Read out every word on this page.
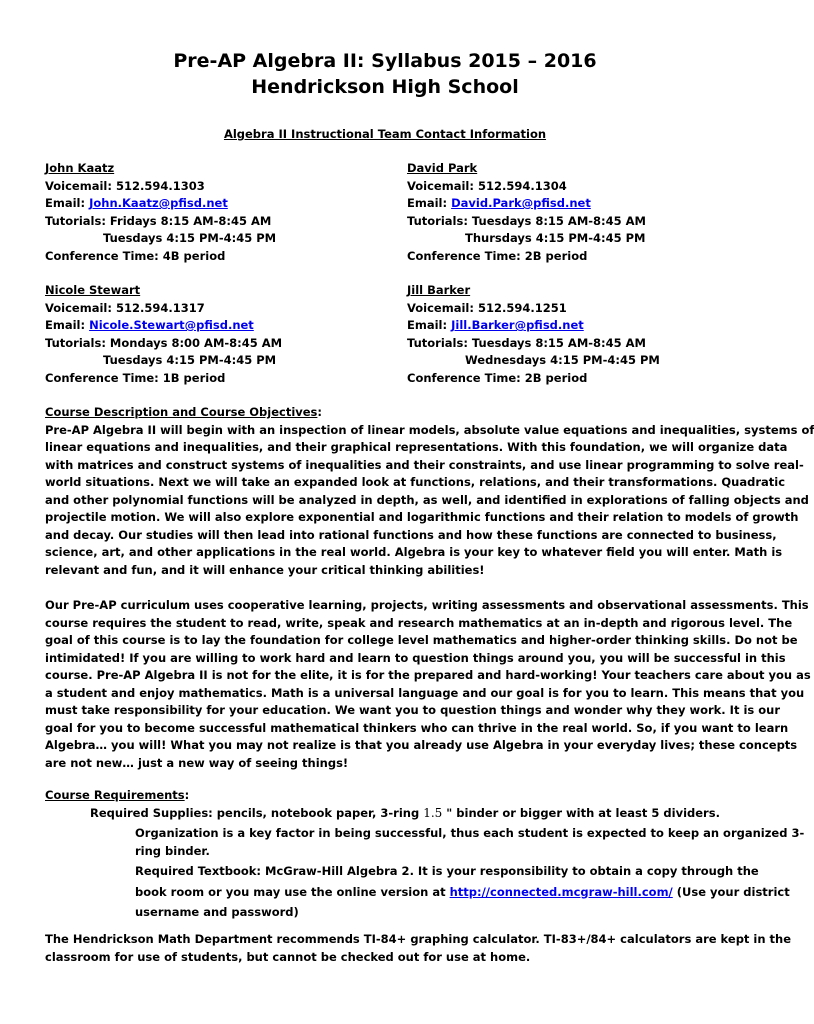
Pre-AP Algebra II: Syllabus 2015 – 2016
Hendrickson High School
Algebra II Instructional Team Contact Information
John Kaatz
Voicemail: 512.594.1303
Email: John.Kaatz@pfisd.net
Tutorials: Fridays 8:15 AM-8:45 AM
Tuesdays 4:15 PM-4:45 PM
Conference Time: 4B period
David Park
Voicemail: 512.594.1304
Email: David.Park@pfisd.net
Tutorials: Tuesdays 8:15 AM-8:45 AM
Thursdays 4:15 PM-4:45 PM
Conference Time: 2B period
Nicole Stewart
Voicemail: 512.594.1317
Email: Nicole.Stewart@pfisd.net
Tutorials: Mondays 8:00 AM-8:45 AM
Tuesdays 4:15 PM-4:45 PM
Conference Time: 1B period
Jill Barker
Voicemail: 512.594.1251
Email: Jill.Barker@pfisd.net
Tutorials: Tuesdays 8:15 AM-8:45 AM
Wednesdays 4:15 PM-4:45 PM
Conference Time: 2B period
Course Description and Course Objectives:
Pre-AP Algebra II will begin with an inspection of linear models, absolute value equations and inequalities, systems of
linear equations and inequalities, and their graphical representations. With this foundation, we will organize data
with matrices and construct systems of inequalities and their constraints, and use linear programming to solve real-
world situations. Next we will take an expanded look at functions, relations, and their transformations. Quadratic
and other polynomial functions will be analyzed in depth, as well, and identified in explorations of falling objects and
projectile motion. We will also explore exponential and logarithmic functions and their relation to models of growth
and decay. Our studies will then lead into rational functions and how these functions are connected to business,
science, art, and other applications in the real world. Algebra is your key to whatever field you will enter. Math is
relevant and fun, and it will enhance your critical thinking abilities!
Our Pre-AP curriculum uses cooperative learning, projects, writing assessments and observational assessments. This
course requires the student to read, write, speak and research mathematics at an in-depth and rigorous level. The
goal of this course is to lay the foundation for college level mathematics and higher-order thinking skills. Do not be
intimidated! If you are willing to work hard and learn to question things around you, you will be successful in this
course. Pre-AP Algebra II is not for the elite, it is for the prepared and hard-working! Your teachers care about you as
a student and enjoy mathematics. Math is a universal language and our goal is for you to learn. This means that you
must take responsibility for your education. We want you to question things and wonder why they work. It is our
goal for you to become successful mathematical thinkers who can thrive in the real world. So, if you want to learn
Algebra… you will! What you may not realize is that you already use Algebra in your everyday lives; these concepts
are not new… just a new way of seeing things!
Course Requirements:
Required Supplies: pencils, notebook paper, 3-ring 1.5 " binder or bigger with at least 5 dividers.
Organization is a key factor in being successful, thus each student is expected to keep an organized 3-
ring binder.
Required Textbook: McGraw-Hill Algebra 2. It is your responsibility to obtain a copy through the
book room or you may use the online version at http://connected.mcgraw-hill.com/ (Use your district
username and password)
The Hendrickson Math Department recommends TI-84+ graphing calculator. TI-83+/84+ calculators are kept in the
classroom for use of students, but cannot be checked out for use at home.
